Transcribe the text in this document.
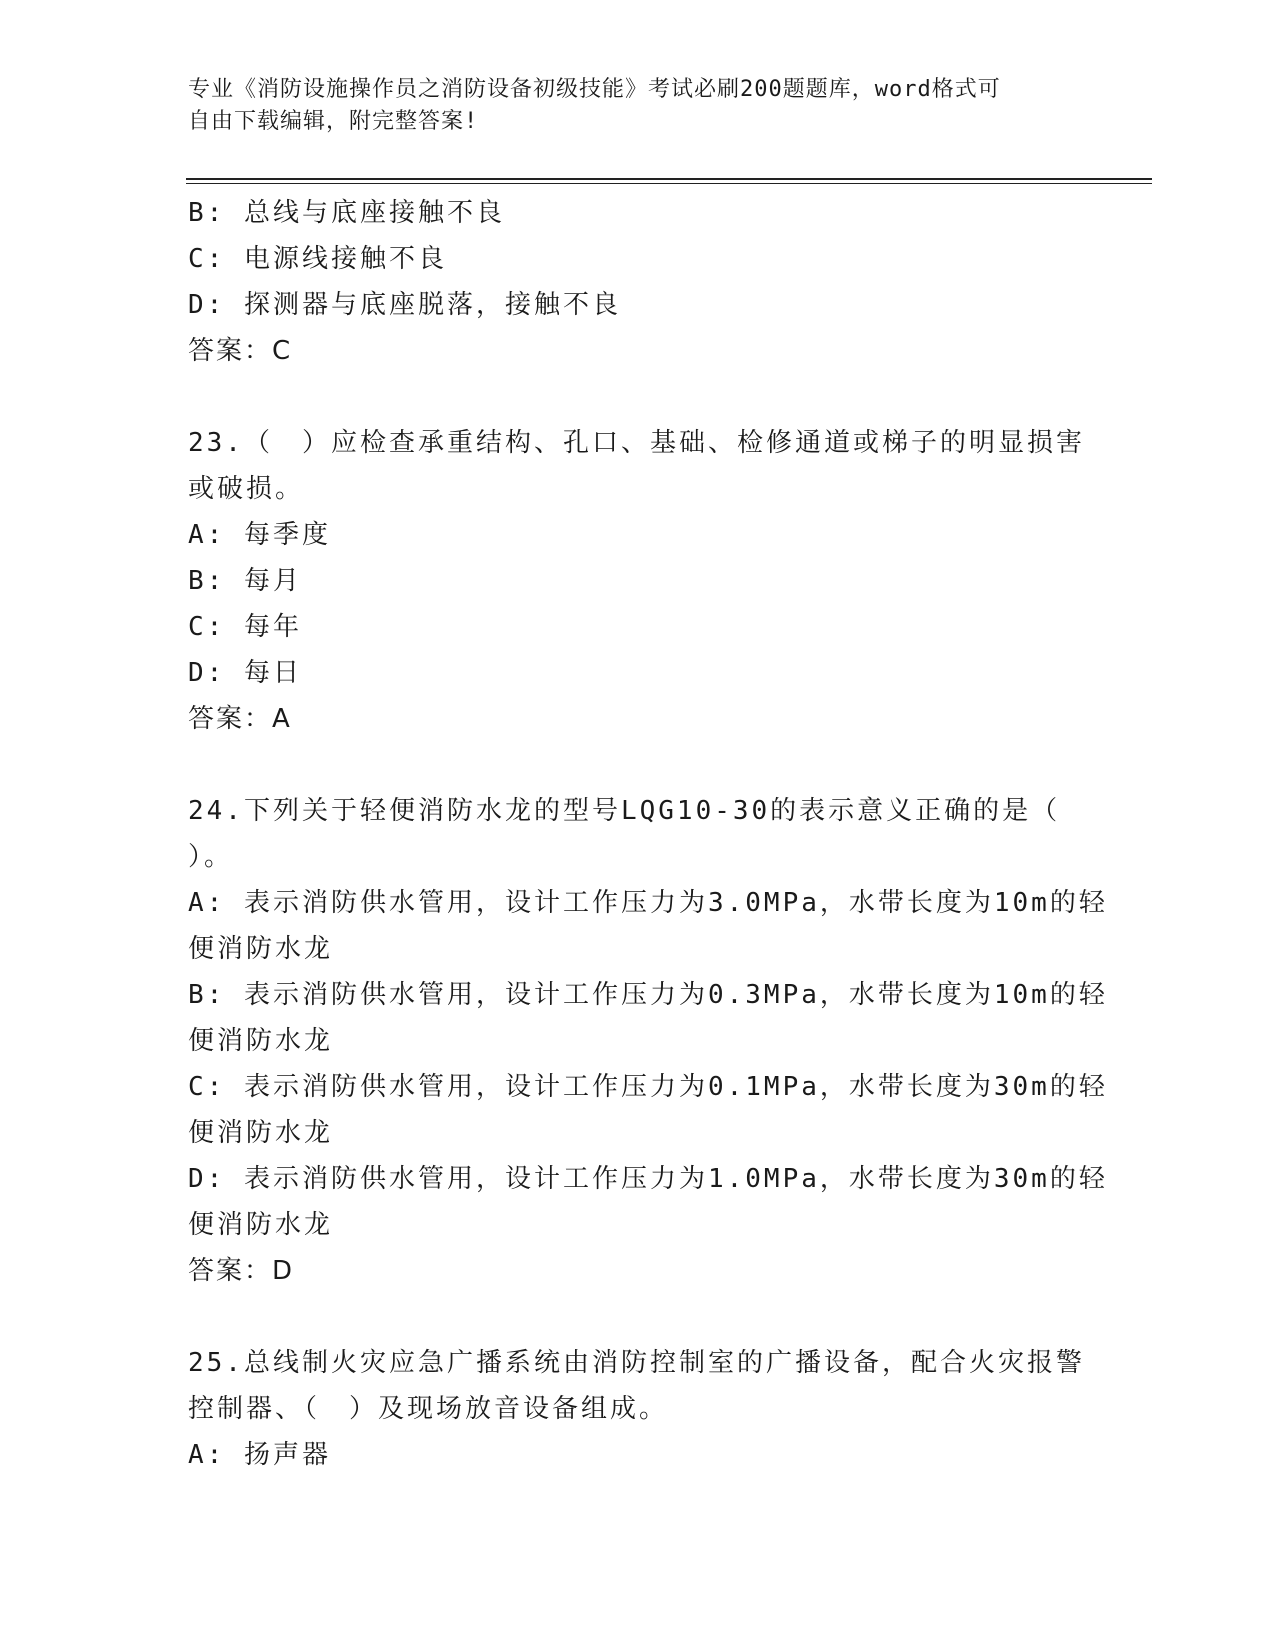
专业《消防设施操作员之消防设备初级技能》考试必刷200题题库，word格式可
自由下载编辑，附完整答案!
B: 总线与底座接触不良
C: 电源线接触不良
D: 探测器与底座脱落，接触不良
答案：C
23.（　）应检查承重结构、孔口、基础、检修通道或梯子的明显损害
或破损。
A: 每季度
B: 每月
C: 每年
D: 每日
答案：A
24.下列关于轻便消防水龙的型号LQG10-30的表示意义正确的是（
）。
A: 表示消防供水管用，设计工作压力为3.0MPa，水带长度为10m的轻
便消防水龙
B: 表示消防供水管用，设计工作压力为0.3MPa，水带长度为10m的轻
便消防水龙
C: 表示消防供水管用，设计工作压力为0.1MPa，水带长度为30m的轻
便消防水龙
D: 表示消防供水管用，设计工作压力为1.0MPa，水带长度为30m的轻
便消防水龙
答案：D
25.总线制火灾应急广播系统由消防控制室的广播设备，配合火灾报警
控制器、（　）及现场放音设备组成。
A: 扬声器
